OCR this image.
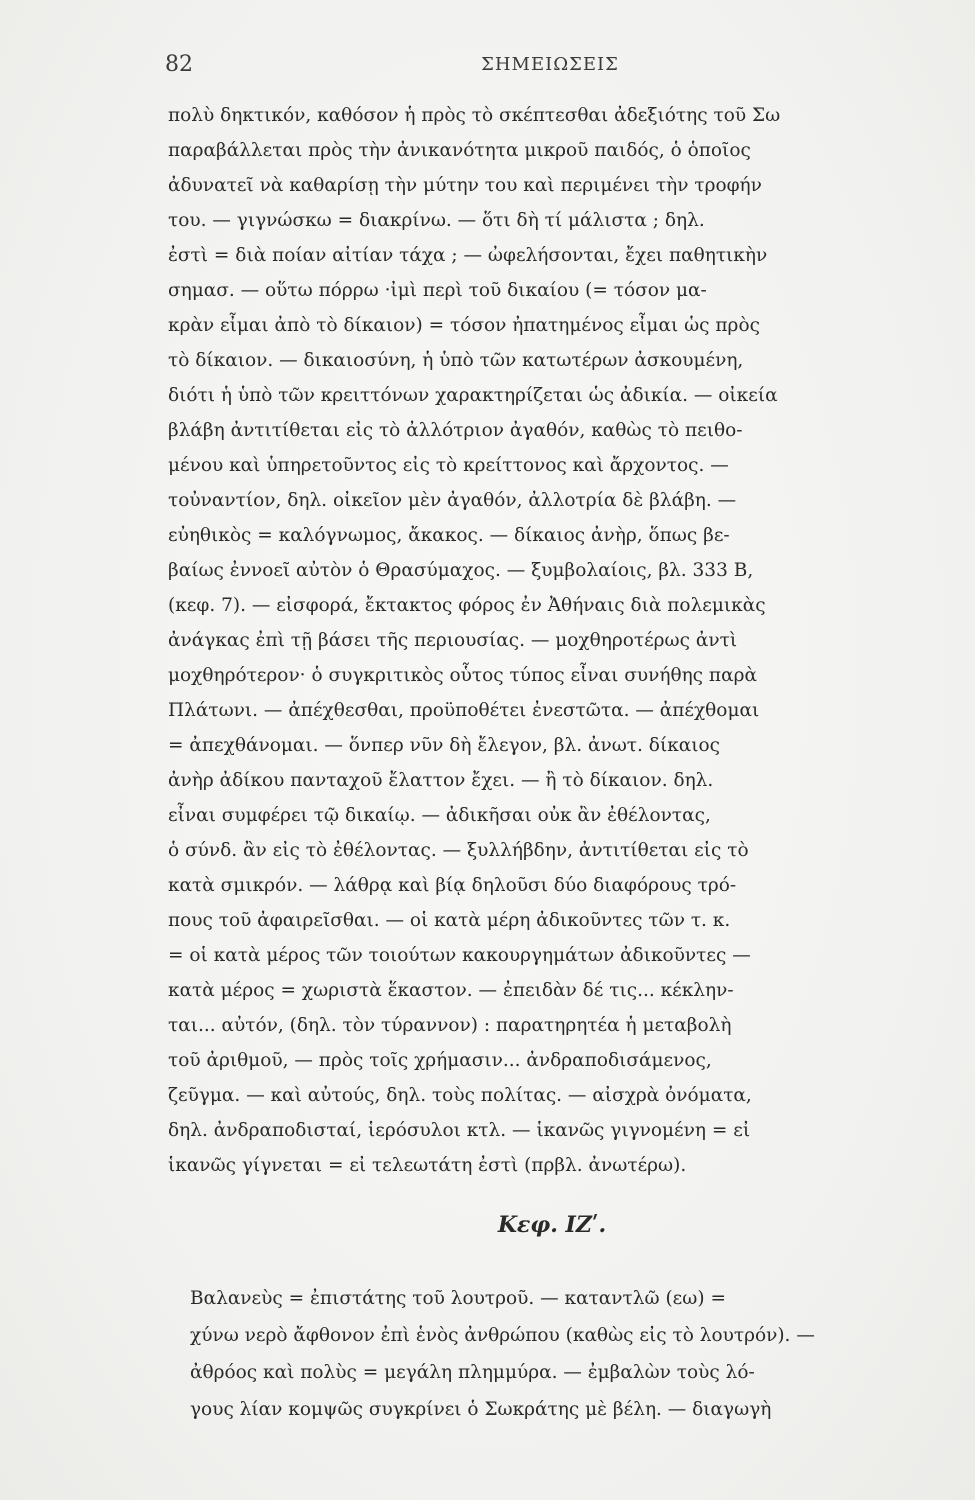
82	ΣΗΜΕΙΩΣΕΙΣ
πολὺ δηκτικόν, καθόσον ἡ πρὸς τὸ σκέπτεσθαι ἀδεξιότης τοῦ Σω
παραβάλλεται πρὸς τὴν ἀνικανότητα μικροῦ παιδός, ὁ ὁποῖος
ἀδυνατεῖ νὰ καθαρίσῃ τὴν μύτην του καὶ περιμένει τὴν τροφήν
του. — γιγνώσκω = διακρίνω. — ὅτι δὴ τί μάλιστα ; δηλ.
ἐστὶ = διὰ ποίαν αἰτίαν τάχα ; — ὠφελήσονται, ἔχει παθητικὴν
σημασ. — οὕτω πόρρω ·ἰμὶ περὶ τοῦ δικαίου (= τόσον μα-
κρὰν εἶμαι ἀπὸ τὸ δίκαιον) = τόσον ἠπατημένος εἶμαι ὡς πρὸς
τὸ δίκαιον. — δικαιοσύνη, ἡ ὑπὸ τῶν κατωτέρων ἀσκουμένη,
διότι ἡ ὑπὸ τῶν κρειττόνων χαρακτηρίζεται ὡς ἀδικία. — οἰκεία
βλάβη ἀντιτίθεται εἰς τὸ ἀλλότριον ἀγαθόν, καθὼς τὸ πειθο-
μένου καὶ ὑπηρετοῦντος εἰς τὸ κρείττονος καὶ ἄρχοντος. —
τοὐναντίον, δηλ. οἰκεῖον μὲν ἀγαθόν, ἀλλοτρία δὲ βλάβη. —
εὐηθικὸς = καλόγνωμος, ἄκακος. — δίκαιος ἀνὴρ, ὅπως βε-
βαίως ἐννοεῖ αὐτὸν ὁ Θρασύμαχος. — ξυμβολαίοις, βλ. 333 Β,
(κεφ. 7). — εἰσφορά, ἔκτακτος φόρος ἐν Ἀθήναις διὰ πολεμικὰς
ἀνάγκας ἐπὶ τῇ βάσει τῆς περιουσίας. — μοχθηροτέρως ἀντὶ
μοχθηρότερον· ὁ συγκριτικὸς οὗτος τύπος εἶναι συνήθης παρὰ
Πλάτωνι. — ἀπέχθεσθαι, προϋποθέτει ἐνεστῶτα. — ἀπέχθομαι
= ἀπεχθάνομαι. — ὅνπερ νῦν δὴ ἔλεγον, βλ. ἀνωτ. δίκαιος
ἀνὴρ ἀδίκου πανταχοῦ ἔλαττον ἔχει. — ἢ τὸ δίκαιον. δηλ.
εἶναι συμφέρει τῷ δικαίῳ. — ἀδικῆσαι οὐκ ἂν ἐθέλοντας,
ὁ σύνδ. ἂν εἰς τὸ ἐθέλοντας. — ξυλλήβδην, ἀντιτίθεται εἰς τὸ
κατὰ σμικρόν. — λάθρᾳ καὶ βίᾳ δηλοῦσι δύο διαφόρους τρό-
πους τοῦ ἀφαιρεῖσθαι. — οἱ κατὰ μέρη ἀδικοῦντες τῶν τ. κ.
= οἱ κατὰ μέρος τῶν τοιούτων κακουργημάτων ἀδικοῦντες —
κατὰ μέρος = χωριστὰ ἕκαστον. — ἐπειδὰν δέ τις... κέκλην-
ται... αὐτόν, (δηλ. τὸν τύραννον) : παρατηρητέα ἡ μεταβολὴ
τοῦ ἀριθμοῦ, — πρὸς τοῖς χρήμασιν... ἀνδραποδισάμενος,
ζεῦγμα. — καὶ αὐτούς, δηλ. τοὺς πολίτας. — αἰσχρὰ ὀνόματα,
δηλ. ἀνδραποδισταί, ἱερόσυλοι κτλ. — ἱκανῶς γιγνομένη = εἰ
ἱκανῶς γίγνεται = εἰ τελεωτάτη ἐστὶ (πρβλ. ἀνωτέρω).
Κεφ. ΙΖʹ.
Βαλανεὺς = ἐπιστάτης τοῦ λουτροῦ. — καταντλῶ (εω) =
χύνω νερὸ ἄφθονον ἐπὶ ἑνὸς ἀνθρώπου (καθὼς εἰς τὸ λουτρόν). —
ἀθρόος καὶ πολὺς = μεγάλη πλημμύρα. — ἐμβαλὼν τοὺς λό-
γους λίαν κομψῶς συγκρίνει ὁ Σωκράτης μὲ βέλη. — διαγωγὴ
